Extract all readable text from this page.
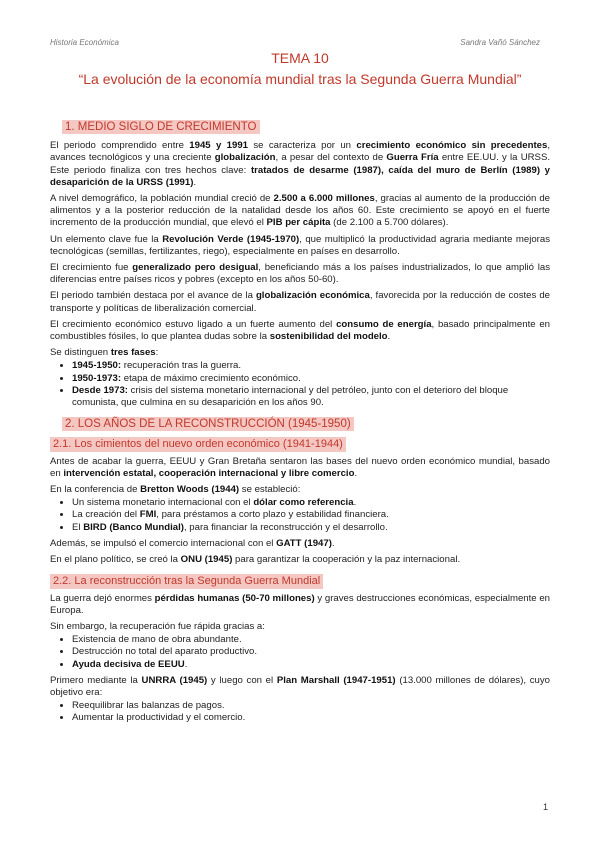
Historia Económica	Sandra Vañó Sánchez
TEMA 10
“La evolución de la economía mundial tras la Segunda Guerra Mundial”
1. MEDIO SIGLO DE CRECIMIENTO

El periodo comprendido entre 1945 y 1991 se caracteriza por un crecimiento económico sin precedentes, avances tecnológicos y una creciente globalización, a pesar del contexto de Guerra Fría entre EE.UU. y la URSS. Este periodo finaliza con tres hechos clave: tratados de desarme (1987), caída del muro de Berlín (1989) y desaparición de la URSS (1991).

A nivel demográfico, la población mundial creció de 2.500 a 6.000 millones, gracias al aumento de la producción de alimentos y a la posterior reducción de la natalidad desde los años 60. Este crecimiento se apoyó en el fuerte incremento de la producción mundial, que elevó el PIB per cápita (de 2.100 a 5.700 dólares).

Un elemento clave fue la Revolución Verde (1945-1970), que multiplicó la productividad agraria mediante mejoras tecnológicas (semillas, fertilizantes, riego), especialmente en países en desarrollo.

El crecimiento fue generalizado pero desigual, beneficiando más a los países industrializados, lo que amplió las diferencias entre países ricos y pobres (excepto en los años 50-60).

El periodo también destaca por el avance de la globalización económica, favorecida por la reducción de costes de transporte y políticas de liberalización comercial.

El crecimiento económico estuvo ligado a un fuerte aumento del consumo de energía, basado principalmente en combustibles fósiles, lo que plantea dudas sobre la sostenibilidad del modelo.

Se distinguen tres fases:

• 1945-1950: recuperación tras la guerra.
• 1950-1973: etapa de máximo crecimiento económico.
• Desde 1973: crisis del sistema monetario internacional y del petróleo, junto con el deterioro del bloque comunista, que culmina en su desaparición en los años 90.
2. LOS AÑOS DE LA RECONSTRUCCIÓN (1945-1950)
2.1. Los cimientos del nuevo orden económico (1941-1944)

Antes de acabar la guerra, EEUU y Gran Bretaña sentaron las bases del nuevo orden económico mundial, basado en intervención estatal, cooperación internacional y libre comercio.

En la conferencia de Bretton Woods (1944) se estableció:

• Un sistema monetario internacional con el dólar como referencia.
• La creación del FMI, para préstamos a corto plazo y estabilidad financiera.
• El BIRD (Banco Mundial), para financiar la reconstrucción y el desarrollo.

Además, se impulsó el comercio internacional con el GATT (1947).

En el plano político, se creó la ONU (1945) para garantizar la cooperación y la paz internacional.

2.2. La reconstrucción tras la Segunda Guerra Mundial

La guerra dejó enormes pérdidas humanas (50-70 millones) y graves destrucciones económicas, especialmente en Europa.

Sin embargo, la recuperación fue rápida gracias a:

• Existencia de mano de obra abundante.
• Destrucción no total del aparato productivo.
• Ayuda decisiva de EEUU.

Primero mediante la UNRRA (1945) y luego con el Plan Marshall (1947-1951) (13.000 millones de dólares), cuyo objetivo era:

• Reequilibrar las balanzas de pagos.
• Aumentar la productividad y el comercio.
1
